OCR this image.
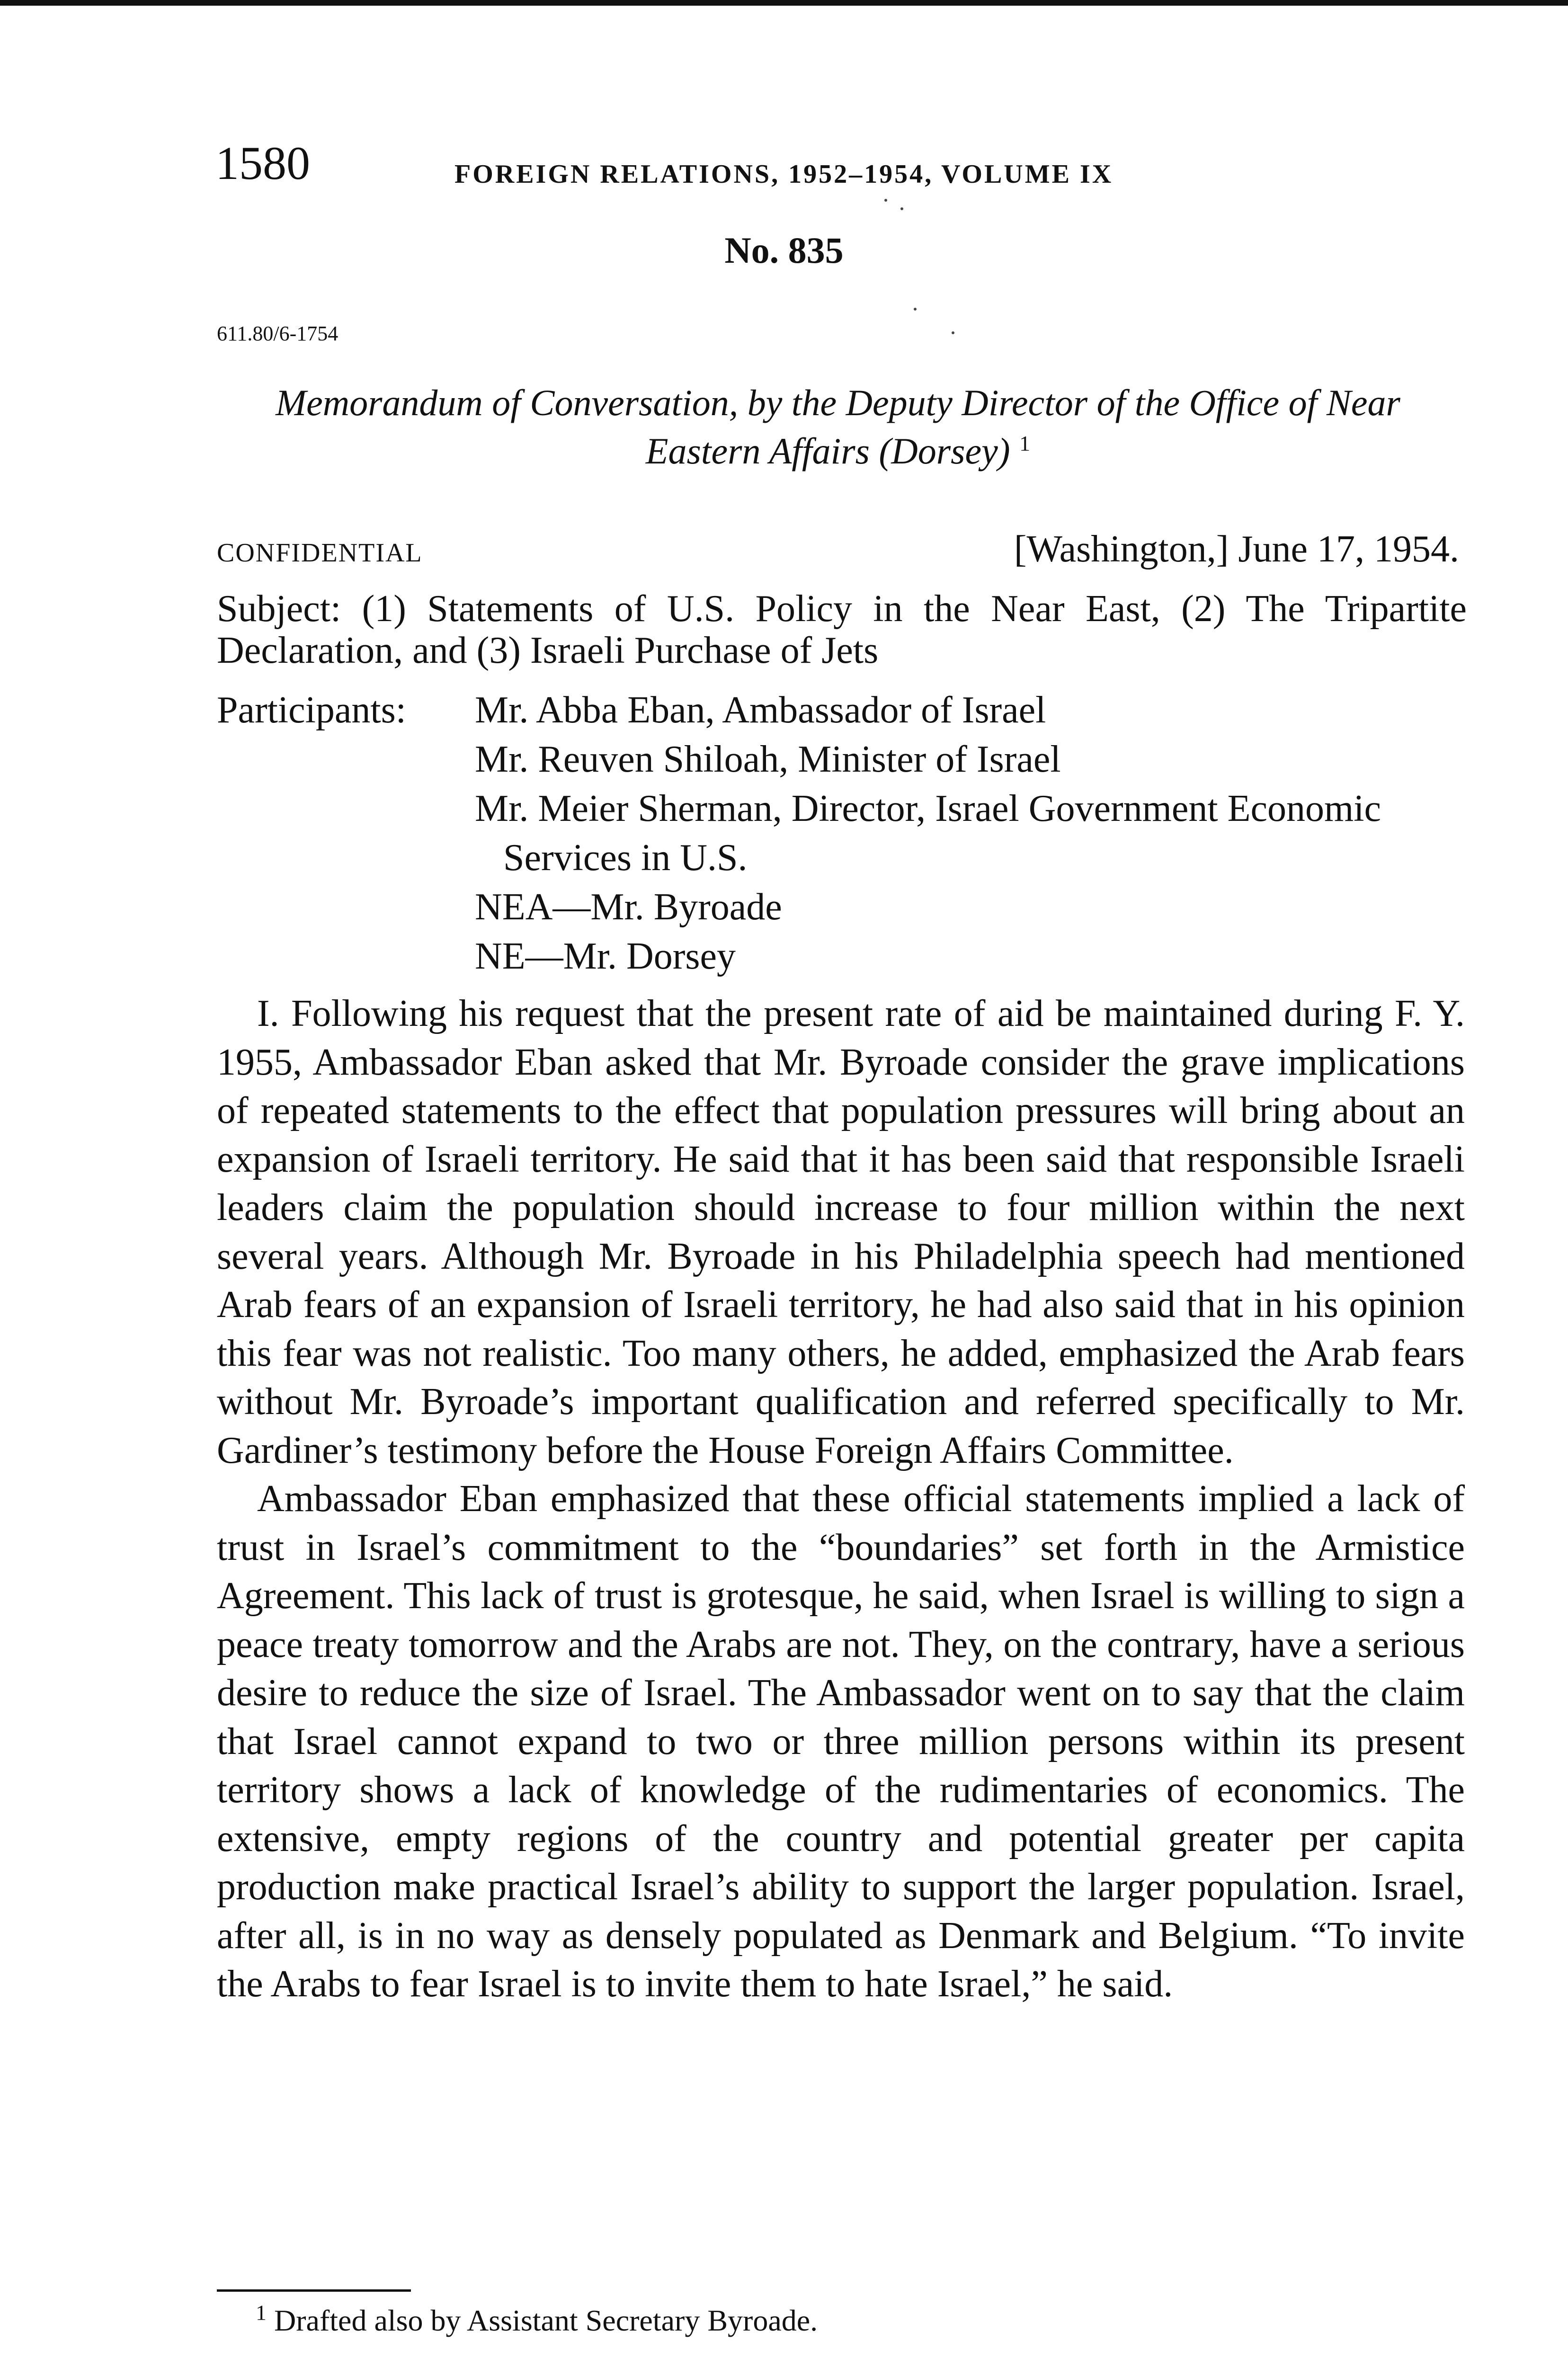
1580	FOREIGN RELATIONS, 1952–1954, VOLUME IX
No. 835
611.80/6-1754
Memorandum of Conversation, by the Deputy Director of the Office of Near Eastern Affairs (Dorsey) $^1$
CONFIDENTIAL	[Washington,] June 17, 1954.
Subject: (1) Statements of U.S. Policy in the Near East, (2) The Tripartite Declaration, and (3) Israeli Purchase of Jets
Participants: Mr. Abba Eban, Ambassador of Israel
Mr. Reuven Shiloah, Minister of Israel
Mr. Meier Sherman, Director, Israel Government Economic Services in U.S.
NEA—Mr. Byroade
NE—Mr. Dorsey

I. Following his request that the present rate of aid be maintained during F. Y. 1955, Ambassador Eban asked that Mr. Byroade consider the grave implications of repeated statements to the effect that population pressures will bring about an expansion of Israeli territory. He said that it has been said that responsible Israeli leaders claim the population should increase to four million within the next several years. Although Mr. Byroade in his Philadelphia speech had mentioned Arab fears of an expansion of Israeli territory, he had also said that in his opinion this fear was not realistic. Too many others, he added, emphasized the Arab fears without Mr. Byroade’s important qualification and referred specifically to Mr. Gardiner’s testimony before the House Foreign Affairs Committee.

Ambassador Eban emphasized that these official statements implied a lack of trust in Israel’s commitment to the “boundaries” set forth in the Armistice Agreement. This lack of trust is grotesque, he said, when Israel is willing to sign a peace treaty tomorrow and the Arabs are not. They, on the contrary, have a serious desire to reduce the size of Israel. The Ambassador went on to say that the claim that Israel cannot expand to two or three million persons within its present territory shows a lack of knowledge of the rudimentaries of economics. The extensive, empty regions of the country and potential greater per capita production make practical Israel’s ability to support the larger population. Israel, after all, is in no way as densely populated as Denmark and Belgium. “To invite the Arabs to fear Israel is to invite them to hate Israel,” he said.

$^1$ Drafted also by Assistant Secretary Byroade.
